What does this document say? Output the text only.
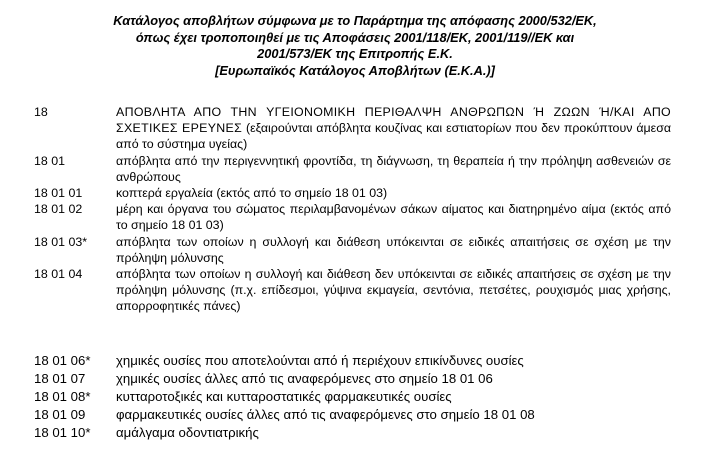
Κατάλογος αποβλήτων σύμφωνα με το Παράρτημα της απόφασης 2000/532/ΕΚ,
όπως έχει τροποποιηθεί με τις Αποφάσεις 2001/118/ΕΚ, 2001/119//ΕΚ και
2001/573/ΕΚ της Επιτροπής Ε.Κ.
[Ευρωπαϊκός Κατάλογος Αποβλήτων (Ε.Κ.Α.)]
18	ΑΠΟΒΛΗΤΑ ΑΠΟ ΤΗΝ ΥΓΕΙΟΝΟΜΙΚΗ ΠΕΡΙΘΑΛΨΗ ΑΝΘΡΩΠΩΝ Ή ΖΩΩΝ Ή/ΚΑΙ ΑΠΟ ΣΧΕΤΙΚΕΣ ΕΡΕΥΝΕΣ (εξαιρούνται απόβλητα κουζίνας και εστιατορίων που δεν προκύπτουν άμεσα από το σύστημα υγείας)
18 01	απόβλητα από την περιγεννητική φροντίδα, τη διάγνωση, τη θεραπεία ή την πρόληψη ασθενειών σε ανθρώπους
18 01 01	κοπτερά εργαλεία (εκτός από το σημείο 18 01 03)
18 01 02	μέρη και όργανα του σώματος περιλαμβανομένων σάκων αίματος και διατηρημένο αίμα (εκτός από το σημείο 18 01 03)
18 01 03* απόβλητα των οποίων η συλλογή και διάθεση υπόκεινται σε ειδικές απαιτήσεις σε σχέση με την πρόληψη μόλυνσης
18 01 04	απόβλητα των οποίων η συλλογή και διάθεση δεν υπόκεινται σε ειδικές απαιτήσεις σε σχέση με την πρόληψη μόλυνσης (π.χ. επίδεσμοι, γύψινα εκμαγεία, σεντόνια, πετσέτες, ρουχισμός μιας χρήσης, απορροφητικές πάνες)
18 01 06* χημικές ουσίες που αποτελούνται από ή περιέχουν επικίνδυνες ουσίες
18 01 07 χημικές ουσίες άλλες από τις αναφερόμενες στο σημείο 18 01 06
18 01 08* κυτταροτοξικές και κυτταροστατικές φαρμακευτικές ουσίες
18 01 09 φαρμακευτικές ουσίες άλλες από τις αναφερόμενες στο σημείο 18 01 08
18 01 10* αμάλγαμα οδοντιατρικής
